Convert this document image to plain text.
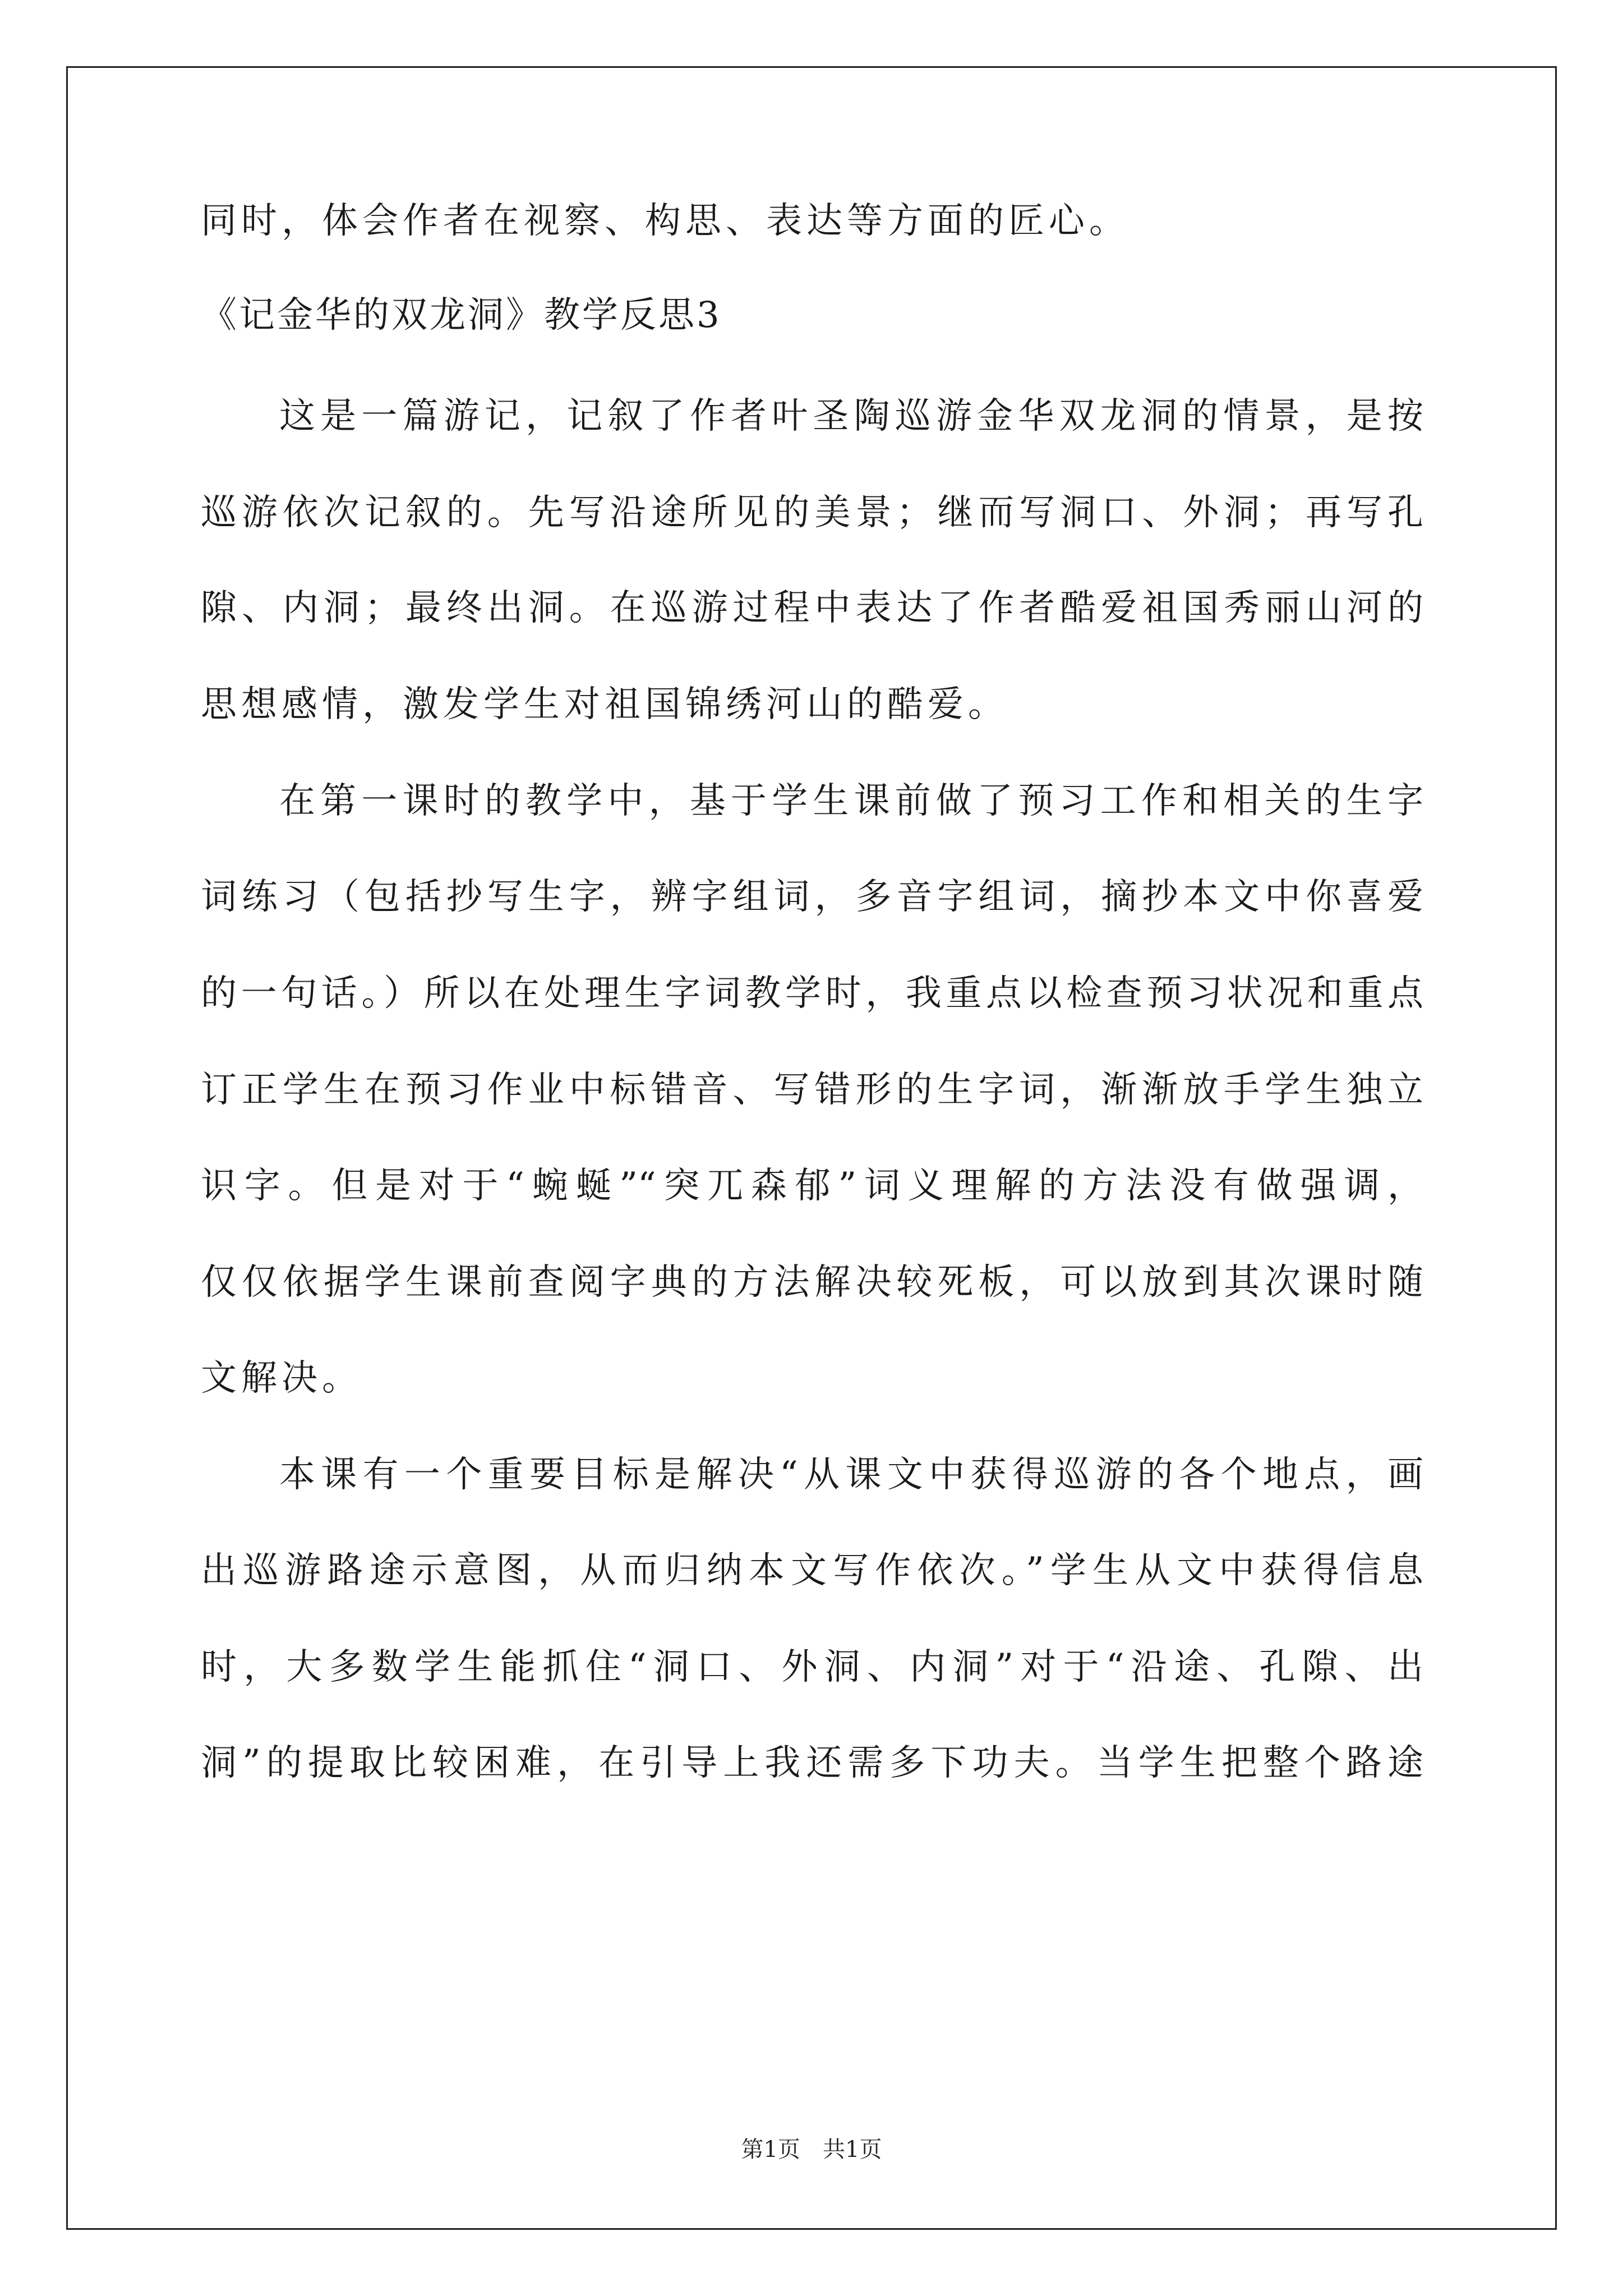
同时，体会作者在视察、构思、表达等方面的匠心。

《记金华的双龙洞》教学反思3

这是一篇游记，记叙了作者叶圣陶巡游金华双龙洞的情景，是按

巡游依次记叙的。先写沿途所见的美景；继而写洞口、外洞；再写孔

隙、内洞；最终出洞。在巡游过程中表达了作者酷爱祖国秀丽山河的

思想感情，激发学生对祖国锦绣河山的酷爱。

在第一课时的教学中，基于学生课前做了预习工作和相关的生字

词练习（包括抄写生字，辨字组词，多音字组词，摘抄本文中你喜爱

的一句话。）所以在处理生字词教学时，我重点以检查预习状况和重点

订正学生在预习作业中标错音、写错形的生字词，渐渐放手学生独立

识字。但是对于“蜿蜒”“突兀森郁”词义理解的方法没有做强调，

仅仅依据学生课前查阅字典的方法解决较死板，可以放到其次课时随

文解决。

本课有一个重要目标是解决“从课文中获得巡游的各个地点，画

出巡游路途示意图，从而归纳本文写作依次。”学生从文中获得信息

时，大多数学生能抓住“洞口、外洞、内洞”对于“沿途、孔隙、出

洞”的提取比较困难，在引导上我还需多下功夫。当学生把整个路途

第1页 共1页
